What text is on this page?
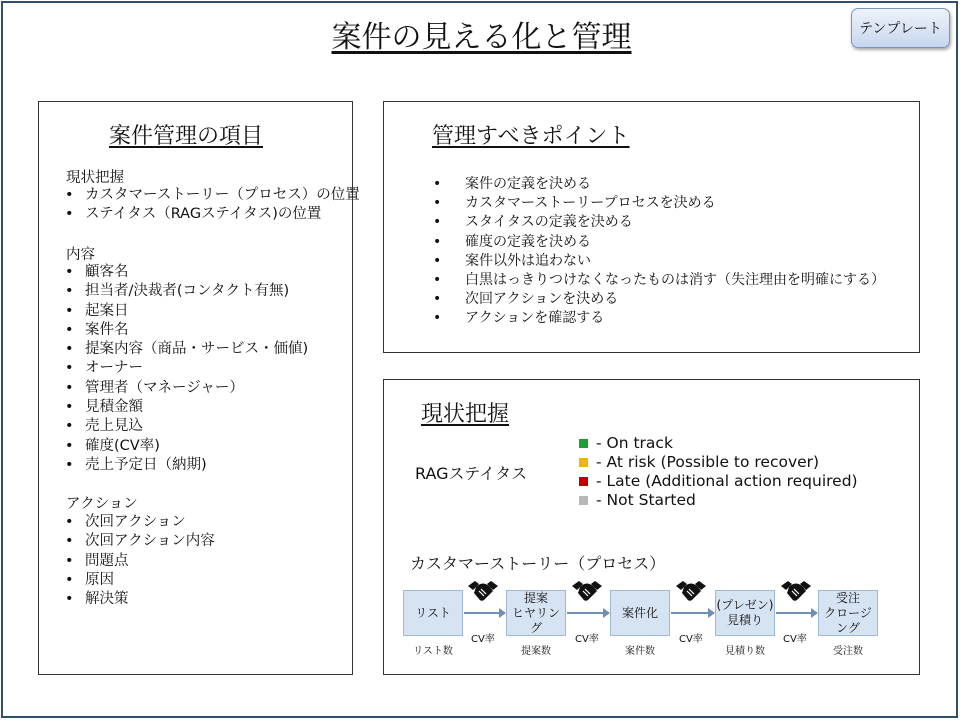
案件の見える化と管理	テンプレート
案件管理の項目
現状把握
• カスタマーストーリー（プロセス）の位置
• ステイタス（RAGステイタス)の位置
内容
• 顧客名
• 担当者/決裁者(コンタクト有無)
• 起案日
• 案件名
• 提案内容（商品・サービス・価値)
• オーナー
• 管理者（マネージャー）
• 見積金額
• 売上見込
• 確度(CV率)
• 売上予定日（納期)
アクション
• 次回アクション
• 次回アクション内容
• 問題点
• 原因
• 解決策
管理すべきポイント
• 案件の定義を決める
• カスタマーストーリープロセスを決める
• スタイタスの定義を決める
• 確度の定義を決める
• 案件以外は追わない
• 白黒はっきりつけなくなったものは消す（失注理由を明確にする）
• 次回アクションを決める
• アクションを確認する
現状把握
RAGステイタス
- On track
- At risk (Possible to recover)
- Late (Additional action required)
- Not Started
カスタマーストーリー（プロセス）
リスト
提案
ヒヤリング
案件化
(プレゼン)
見積り
受注
クロージング
リスト数	提案数	案件数	見積り数	受注数
CV率	CV率	CV率	CV率
